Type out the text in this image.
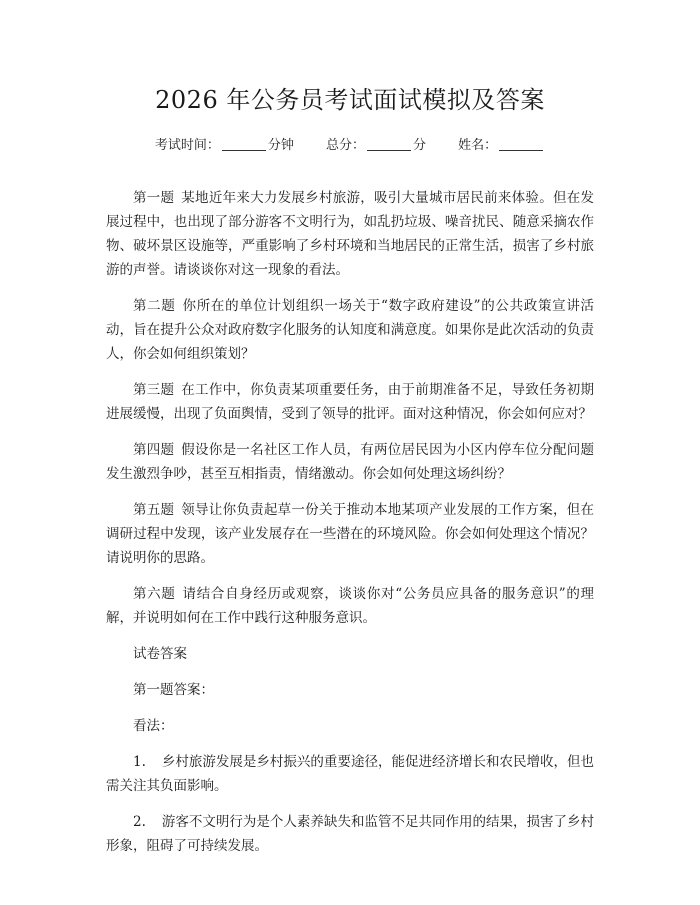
2026 年公务员考试面试模拟及答案
考试时间：	分钟 总分：	分 姓名：

第一题 某地近年来大力发展乡村旅游，吸引大量城市居民前来体验。但在发展过程中，也出现了部分游客不文明行为，如乱扔垃圾、噪音扰民、随意采摘农作物、破坏景区设施等，严重影响了乡村环境和当地居民的正常生活，损害了乡村旅游的声誉。请谈谈你对这一现象的看法。

第二题 你所在的单位计划组织一场关于“数字政府建设”的公共政策宣讲活动，旨在提升公众对政府数字化服务的认知度和满意度。如果你是此次活动的负责人，你会如何组织策划？

第三题 在工作中，你负责某项重要任务，由于前期准备不足，导致任务初期进展缓慢，出现了负面舆情，受到了领导的批评。面对这种情况，你会如何应对？

第四题 假设你是一名社区工作人员，有两位居民因为小区内停车位分配问题发生激烈争吵，甚至互相指责，情绪激动。你会如何处理这场纠纷？

第五题 领导让你负责起草一份关于推动本地某项产业发展的工作方案，但在调研过程中发现，该产业发展存在一些潜在的环境风险。你会如何处理这个情况？请说明你的思路。

第六题 请结合自身经历或观察，谈谈你对“公务员应具备的服务意识”的理解，并说明如何在工作中践行这种服务意识。

试卷答案

第一题答案：

看法：

1. 乡村旅游发展是乡村振兴的重要途径，能促进经济增长和农民增收，但也需关注其负面影响。

2. 游客不文明行为是个人素养缺失和监管不足共同作用的结果，损害了乡村形象，阻碍了可持续发展。
